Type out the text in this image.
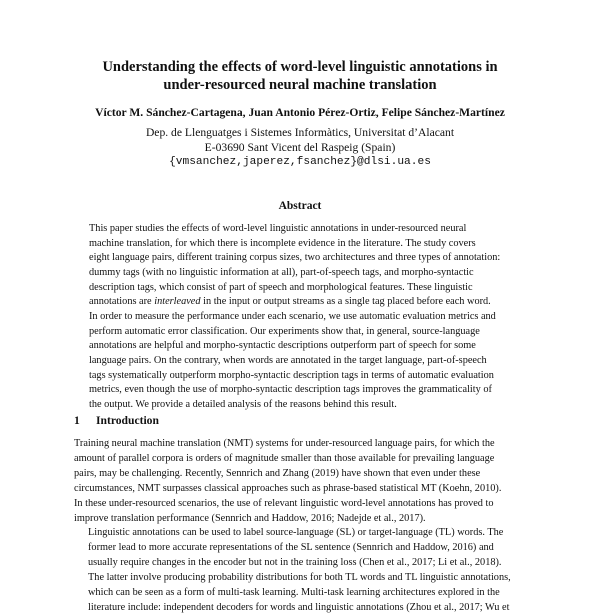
Understanding the effects of word-level linguistic annotations in
under-resourced neural machine translation

Víctor M. Sánchez-Cartagena, Juan Antonio Pérez-Ortiz, Felipe Sánchez-Martínez

Dep. de Llenguatges i Sistemes Informàtics, Universitat d’Alacant
E-03690 Sant Vicent del Raspeig (Spain)
{vmsanchez,japerez,fsanchez}@dlsi.ua.es
Abstract
This paper studies the effects of word-level linguistic annotations in under-resourced neural
machine translation, for which there is incomplete evidence in the literature. The study covers
eight language pairs, different training corpus sizes, two architectures and three types of annotation:
dummy tags (with no linguistic information at all), part-of-speech tags, and morpho-syntactic
description tags, which consist of part of speech and morphological features. These linguistic
annotations are interleaved in the input or output streams as a single tag placed before each word.
In order to measure the performance under each scenario, we use automatic evaluation metrics and
perform automatic error classification. Our experiments show that, in general, source-language
annotations are helpful and morpho-syntactic descriptions outperform part of speech for some
language pairs. On the contrary, when words are annotated in the target language, part-of-speech
tags systematically outperform morpho-syntactic description tags in terms of automatic evaluation
metrics, even though the use of morpho-syntactic description tags improves the grammaticality of
the output. We provide a detailed analysis of the reasons behind this result.
1 Introduction

Training neural machine translation (NMT) systems for under-resourced language pairs, for which the
amount of parallel corpora is orders of magnitude smaller than those available for prevailing language
pairs, may be challenging. Recently, Sennrich and Zhang (2019) have shown that even under these
circumstances, NMT surpasses classical approaches such as phrase-based statistical MT (Koehn, 2010).
In these under-resourced scenarios, the use of relevant linguistic word-level annotations has proved to
improve translation performance (Sennrich and Haddow, 2016; Nadejde et al., 2017).

Linguistic annotations can be used to label source-language (SL) or target-language (TL) words. The
former lead to more accurate representations of the SL sentence (Sennrich and Haddow, 2016) and
usually require changes in the encoder but not in the training loss (Chen et al., 2017; Li et al., 2018).
The latter involve producing probability distributions for both TL words and TL linguistic annotations,
which can be seen as a form of multi-task learning. Multi-task learning architectures explored in the
literature include: independent decoders for words and linguistic annotations (Zhou et al., 2017; Wu et
